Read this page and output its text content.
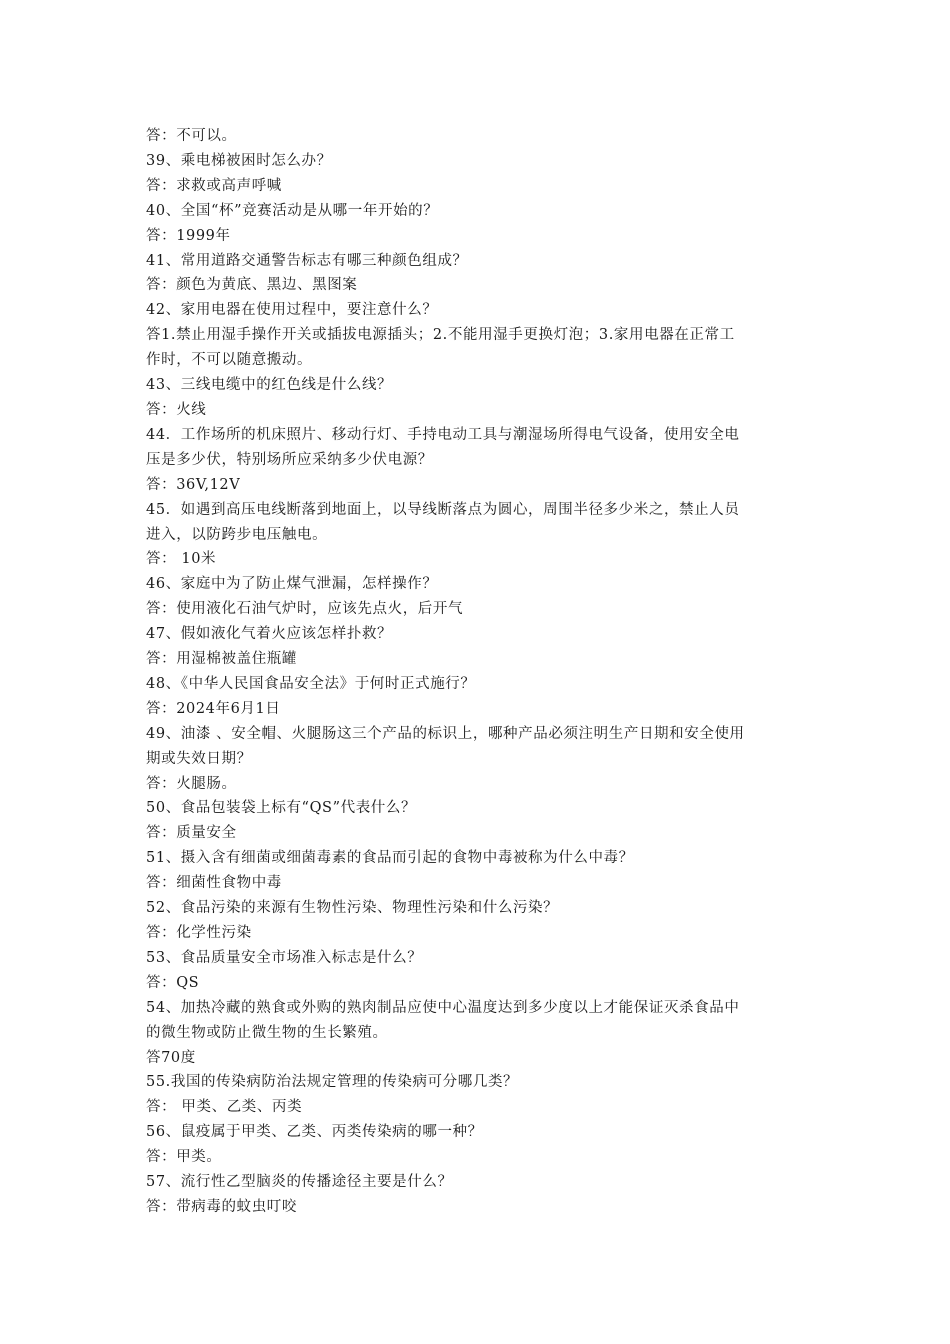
答：不可以。

39、乘电梯被困时怎么办？

答：求救或高声呼喊

40、全国“杯”竞赛活动是从哪一年开始的？

答：1999年

41、常用道路交通警告标志有哪三种颜色组成？

答：颜色为黄底、黑边、黑图案

42、家用电器在使用过程中，要注意什么？

答1.禁止用湿手操作开关或插拔电源插头；2.不能用湿手更换灯泡；3.家用电器在正常工

作时，不可以随意搬动。

43、三线电缆中的红色线是什么线？

答：火线

44．工作场所的机床照片、移动行灯、手持电动工具与潮湿场所得电气设备，使用安全电

压是多少伏，特别场所应采纳多少伏电源？

答：36V,12V

45．如遇到高压电线断落到地面上，以导线断落点为圆心，周围半径多少米之，禁止人员

进入，以防跨步电压触电。

答： 10米

46、家庭中为了防止煤气泄漏，怎样操作？

答：使用液化石油气炉时，应该先点火，后开气

47、假如液化气着火应该怎样扑救？

答：用湿棉被盖住瓶罐

48、《中华人民国食品安全法》于何时正式施行？

答：2024年6月1日

49、油漆 、安全帽、火腿肠这三个产品的标识上，哪种产品必须注明生产日期和安全使用

期或失效日期？

答：火腿肠。

50、食品包装袋上标有“QS”代表什么？

答：质量安全

51、摄入含有细菌或细菌毒素的食品而引起的食物中毒被称为什么中毒？

答：细菌性食物中毒

52、食品污染的来源有生物性污染、物理性污染和什么污染？

答：化学性污染

53、食品质量安全市场准入标志是什么？

答：QS

54、加热冷藏的熟食或外购的熟肉制品应使中心温度达到多少度以上才能保证灭杀食品中

的微生物或防止微生物的生长繁殖。

答70度

55.我国的传染病防治法规定管理的传染病可分哪几类？

答： 甲类、乙类、丙类

56、鼠疫属于甲类、乙类、丙类传染病的哪一种？

答：甲类。

57、流行性乙型脑炎的传播途径主要是什么？

答：带病毒的蚊虫叮咬
